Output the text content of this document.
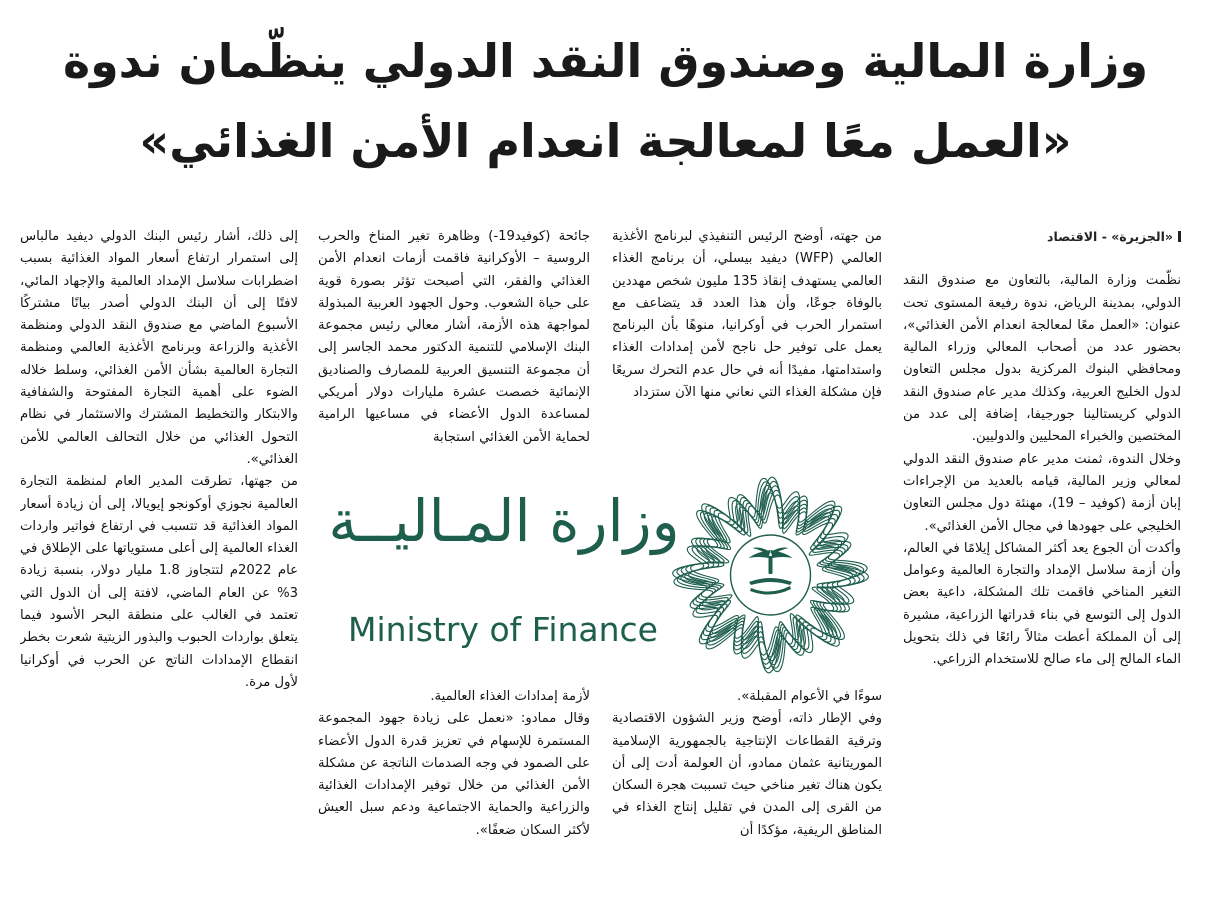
وزارة المالية وصندوق النقد الدولي ينظّمان ندوة
«العمل معًا لمعالجة انعدام الأمن الغذائي»
«الجزيرة» - الاقتصاد

نظّمت وزارة المالية، بالتعاون مع صندوق النقد الدولي، بمدينة الرياض، ندوة رفيعة المستوى تحت عنوان: «العمل معًا لمعالجة انعدام الأمن الغذائي»، بحضور عدد من أصحاب المعالي وزراء المالية ومحافظي البنوك المركزية بدول مجلس التعاون لدول الخليج العربية، وكذلك مدير عام صندوق النقد الدولي كريستالينا جورجيفا، إضافة إلى عدد من المختصين والخبراء المحليين والدوليين.

وخلال الندوة، ثمنت مدير عام صندوق النقد الدولي لمعالي وزير المالية، قيامه بالعديد من الإجراءات إبان أزمة (كوفيد – 19)، مهنئة دول مجلس التعاون الخليجي على جهودها في مجال الأمن الغذائي».

وأكدت أن الجوع يعد أكثر المشاكل إيلامًا في العالم، وأن أزمة سلاسل الإمداد والتجارة العالمية وعوامل التغير المناخي فاقمت تلك المشكلة، داعية بعض الدول إلى التوسع في بناء قدراتها الزراعية، مشيرة إلى أن المملكة أعطت مثالاً رائعًا في ذلك بتحويل الماء المالح إلى ماء صالح للاستخدام الزراعي.

من جهته، أوضح الرئيس التنفيذي لبرنامج الأغذية العالمي (WFP) ديفيد بيسلي، أن برنامج الغذاء العالمي يستهدف إنقاذ 135 مليون شخص مهددين بالوفاة جوعًا، وأن هذا العدد قد يتضاعف مع استمرار الحرب في أوكرانيا، منوهًا بأن البرنامج يعمل على توفير حل ناجح لأمن إمدادات الغذاء واستدامتها، مفيدًا أنه في حال عدم التحرك سريعًا فإن مشكلة الغذاء التي نعاني منها الآن ستزداد

جائحة (كوفيد19-) وظاهرة تغير المناخ والحرب الروسية – الأوكرانية فاقمت أزمات انعدام الأمن الغذائي والفقر، التي أصبحت تؤثر بصورة قوية على حياة الشعوب. وحول الجهود العربية المبذولة لمواجهة هذه الأزمة، أشار معالي رئيس مجموعة البنك الإسلامي للتنمية الدكتور محمد الجاسر إلى أن مجموعة التنسيق العربية للمصارف والصناديق الإنمائية خصصت عشرة مليارات دولار أمريكي لمساعدة الدول الأعضاء في مساعيها الرامية لحماية الأمن الغذائي استجابة

إلى ذلك، أشار رئيس البنك الدولي ديفيد مالباس إلى استمرار ارتفاع أسعار المواد الغذائية بسبب اضطرابات سلاسل الإمداد العالمية والإجهاد المائي، لافتًا إلى أن البنك الدولي أصدر بيانًا مشتركًا الأسبوع الماضي مع صندوق النقد الدولي ومنظمة الأغذية والزراعة وبرنامج الأغذية العالمي ومنظمة التجارة العالمية بشأن الأمن الغذائي، وسلط خلاله الضوء على أهمية التجارة المفتوحة والشفافية والابتكار والتخطيط المشترك والاستثمار في نظام التحول الغذائي من خلال التحالف العالمي للأمن الغذائي».

من جهتها، تطرقت المدير العام لمنظمة التجارة العالمية نجوزي أوكونجو إيويالا، إلى أن زيادة أسعار المواد الغذائية قد تتسبب في ارتفاع فواتير واردات الغذاء العالمية إلى أعلى مستوياتها على الإطلاق في عام 2022م لتتجاوز 1.8 مليار دولار، بنسبة زيادة 3% عن العام الماضي، لافتة إلى أن الدول التي تعتمد في الغالب على منطقة البحر الأسود فيما يتعلق بواردات الحبوب والبذور الزيتية شعرت بخطر انقطاع الإمدادات الناتج عن الحرب في أوكرانيا لأول مرة.

وزارة المـاليــة
Ministry of Finance

سوءًا في الأعوام المقبلة».

وفي الإطار ذاته، أوضح وزير الشؤون الاقتصادية وترقية القطاعات الإنتاجية بالجمهورية الإسلامية الموريتانية عثمان ممادو، أن العولمة أدت إلى أن يكون هناك تغير مناخي حيث تسببت هجرة السكان من القرى إلى المدن في تقليل إنتاج الغذاء في المناطق الريفية، مؤكدًا أن

لأزمة إمدادات الغذاء العالمية.

وقال ممادو: «نعمل على زيادة جهود المجموعة المستمرة للإسهام في تعزيز قدرة الدول الأعضاء على الصمود في وجه الصدمات الناتجة عن مشكلة الأمن الغذائي من خلال توفير الإمدادات الغذائية والزراعية والحماية الاجتماعية ودعم سبل العيش لأكثر السكان ضعفًا».
